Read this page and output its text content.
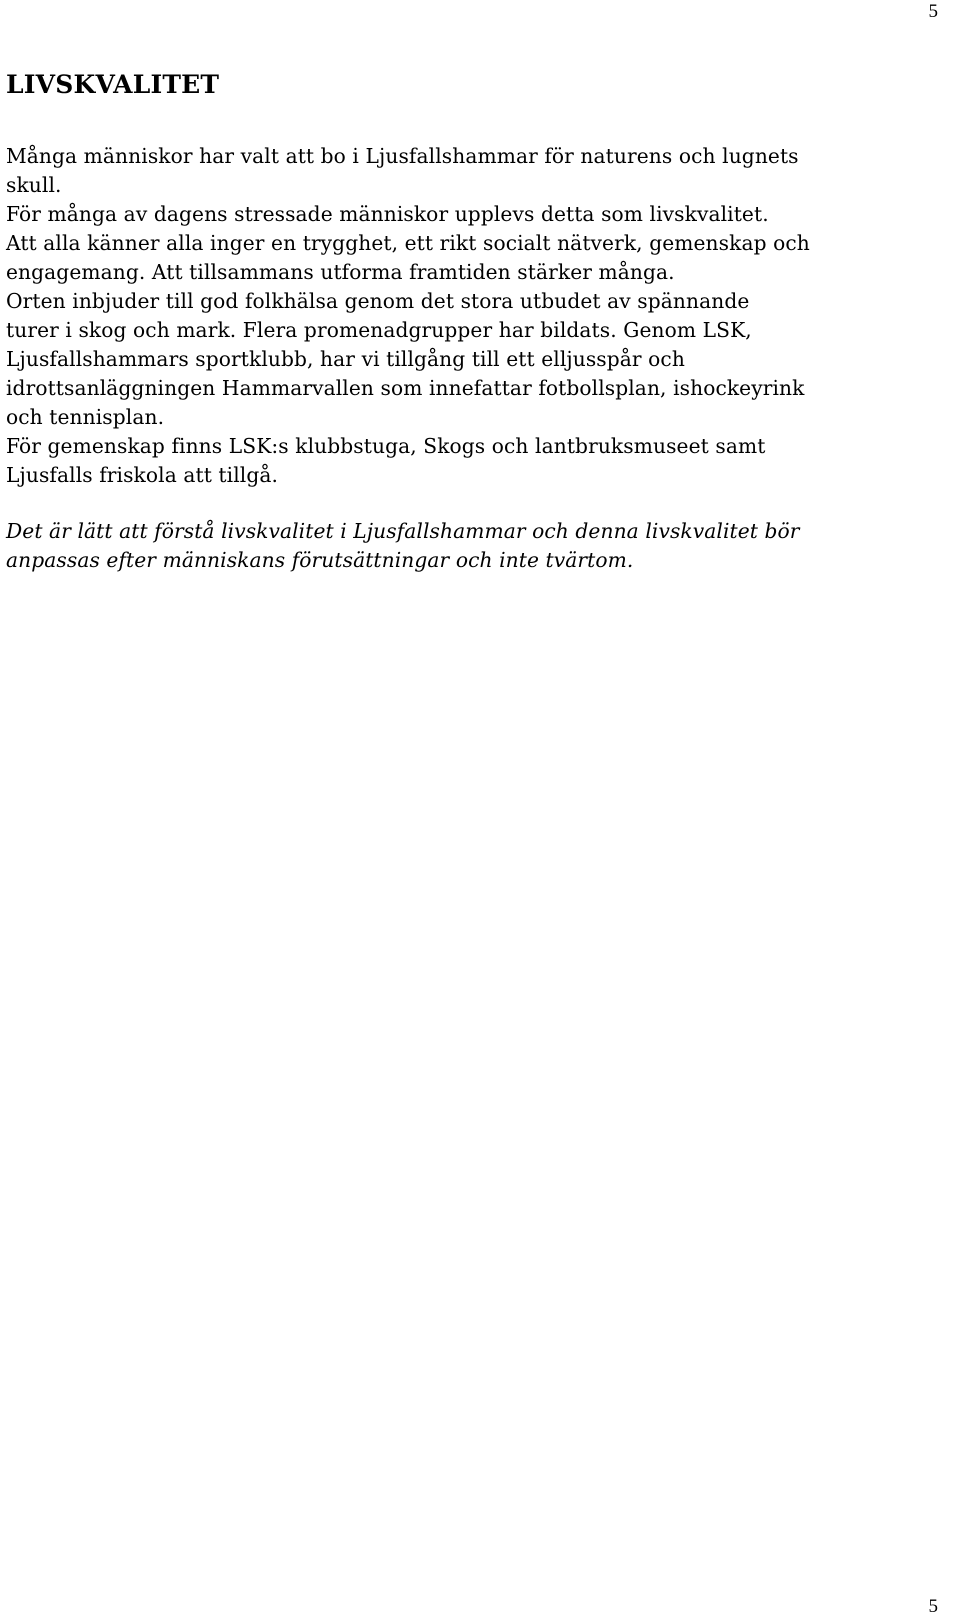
5
LIVSKVALITET
Många människor har valt att bo i Ljusfallshammar för naturens och lugnets
skull.
För många av dagens stressade människor upplevs detta som livskvalitet.
Att alla känner alla inger en trygghet, ett rikt socialt nätverk, gemenskap och
engagemang. Att tillsammans utforma framtiden stärker många.
Orten inbjuder till god folkhälsa genom det stora utbudet av spännande
turer i skog och mark. Flera promenadgrupper har bildats. Genom LSK,
Ljusfallshammars sportklubb, har vi tillgång till ett elljusspår och
idrottsanläggningen Hammarvallen som innefattar fotbollsplan, ishockeyrink
och tennisplan.
För gemenskap finns LSK:s klubbstuga, Skogs och lantbruksmuseet samt
Ljusfalls friskola att tillgå.
Det är lätt att förstå livskvalitet i Ljusfallshammar och denna livskvalitet bör
anpassas efter människans förutsättningar och inte tvärtom.
5
